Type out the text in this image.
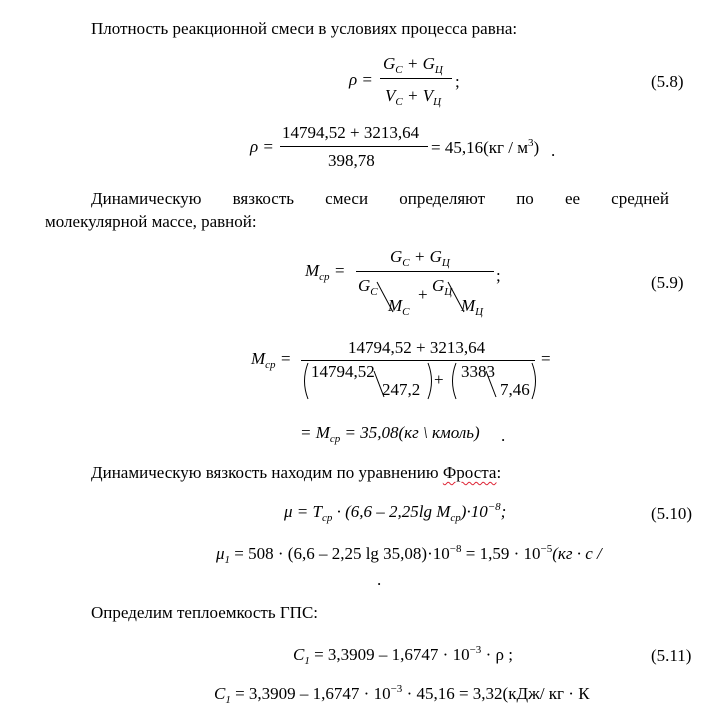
Плотность реакционной смеси в условиях процесса равна:
ρ =
$G_C + G_Ц$
$V_C + V_Ц$
;	(5.8)
ρ =
14794,52 + 3213,64
398,78
= $45,16(кг / м^3)$ .
Динамическую вязкость смеси определяют по ее средней
молекулярной массе, равной:
$M_{ср}$ =
$G_C + G_Ц$
$G_C$
$M_C$
+ $G_Ц$
$M_Ц$
;	(5.9)
$M_{ср}$ =
14794,52 + 3213,64
14794,52
247,2
+ 3383
7,46
=
= $M_{ср} = 35,08(кг$ \ кмоль) .
Динамическую вязкость находим по уравнению Фроста:
$\mu = T_{ср} \cdot (6,6 - 2,25\lg$ $M_{ср})\cdot 10^{-8}$;	(5.10)
$\mu_1 = 508 \cdot (6,6 - 2,25$ $\lg 35,08)\cdot 10^{-8} = 1,59 \cdot 10^{-5}(кг \cdot с$ /
.
Определим теплоемкость ГПС:
$C_1 = 3,3909 - 1,6747 \cdot 10^{-3} \cdot \rho$ ;	(5.11)
$C_1 = 3,3909 - 1,6747 \cdot 10^{-3} \cdot 45,16 = 3,32(кДж/$ кг · К
